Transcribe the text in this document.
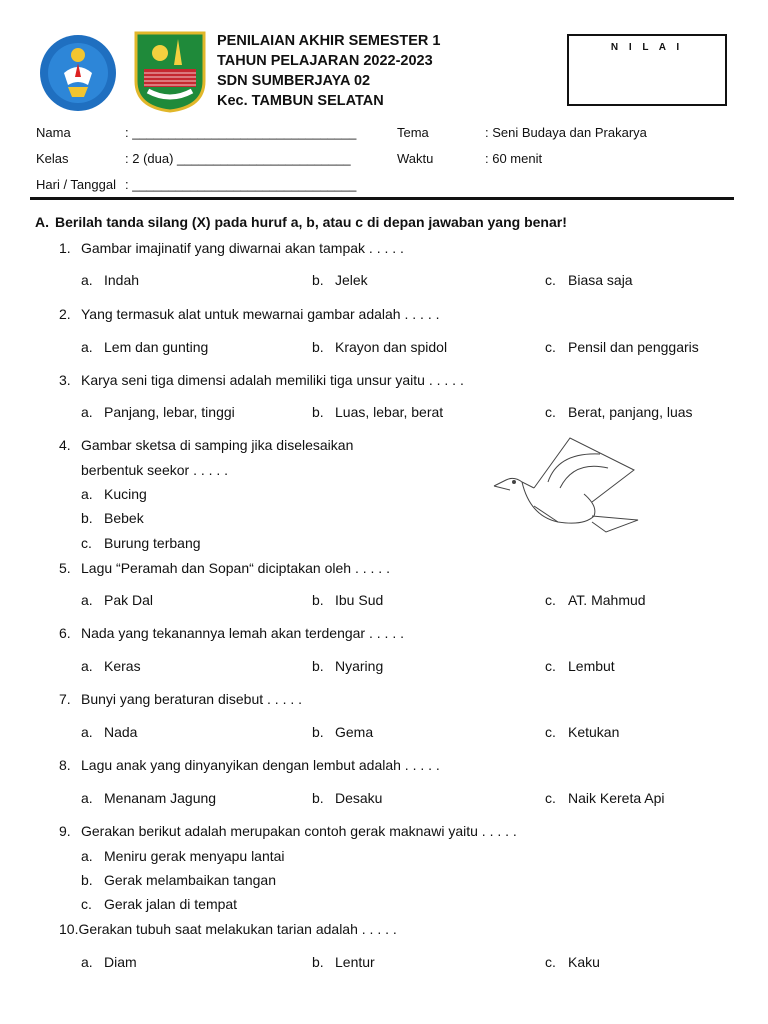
PENILAIAN AKHIR SEMESTER 1
TAHUN PELAJARAN 2022-2023
SDN SUMBERJAYA 02
Kec. TAMBUN SELATAN
N I L A I
Nama	: _______________________________
Kelas	: 2 (dua) ________________________
Hari / Tanggal : _______________________________
Tema	: Seni Budaya dan Prakarya
Waktu	: 60 menit
A. Berilah tanda silang (X) pada huruf a, b, atau c di depan jawaban yang benar!
1. Gambar imajinatif yang diwarnai akan tampak . . . . .
a. Indah	b. Jelek	c. Biasa saja
2. Yang termasuk alat untuk mewarnai gambar adalah . . . . .
a. Lem dan gunting	b. Krayon dan spidol	c. Pensil dan penggaris
3. Karya seni tiga dimensi adalah memiliki tiga unsur yaitu . . . . .
a. Panjang, lebar, tinggi	b. Luas, lebar, berat	c. Berat, panjang, luas
4. Gambar sketsa di samping jika diselesaikan
berbentuk seekor . . . . .
a. Kucing
b. Bebek
c. Burung terbang
5. Lagu “Peramah dan Sopan“ diciptakan oleh . . . . .
a. Pak Dal	b. Ibu Sud	c. AT. Mahmud
6. Nada yang tekanannya lemah akan terdengar . . . . .
a. Keras	b. Nyaring	c. Lembut
7. Bunyi yang beraturan disebut . . . . .
a. Nada	b. Gema	c. Ketukan
8. Lagu anak yang dinyanyikan dengan lembut adalah . . . . .
a. Menanam Jagung	b. Desaku	c. Naik Kereta Api
9. Gerakan berikut adalah merupakan contoh gerak maknawi yaitu . . . . .
a. Meniru gerak menyapu lantai
b. Gerak melambaikan tangan
c. Gerak jalan di tempat
10.Gerakan tubuh saat melakukan tarian adalah . . . . .
a. Diam	b. Lentur	c. Kaku
